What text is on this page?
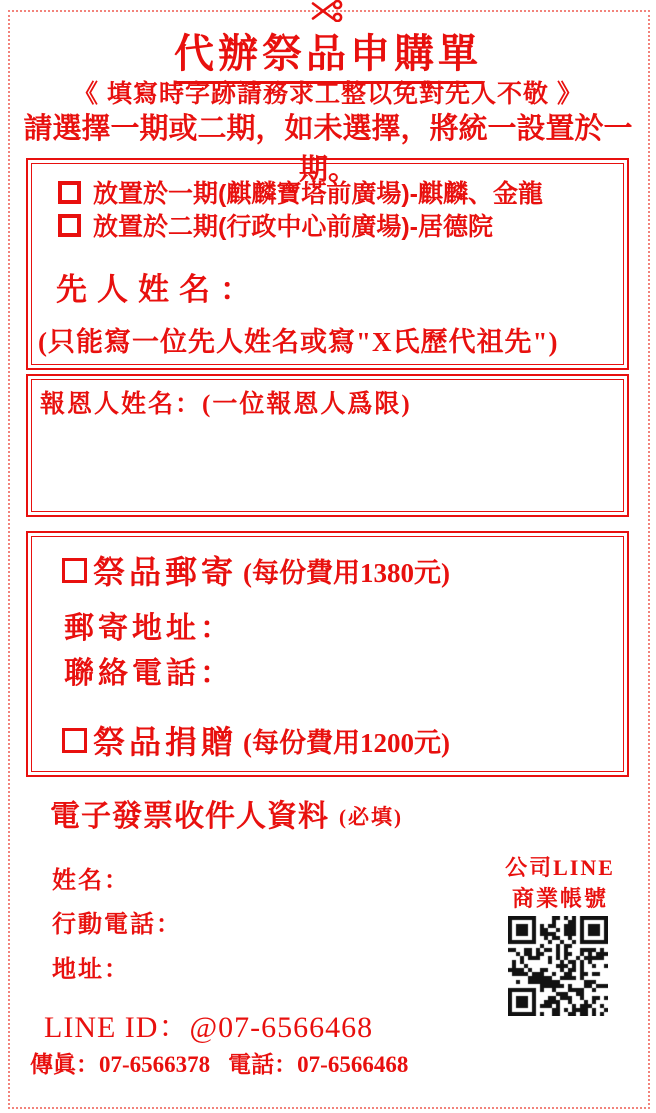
代辦祭品申購單
《 填寫時字跡請務求工整以免對先人不敬 》
請選擇一期或二期，如未選擇，將統一設置於一期。
放置於一期(麒麟寶塔前廣場)-麒麟、金龍
放置於二期(行政中心前廣場)-居德院
先人姓名：
(只能寫一位先人姓名或寫"X氏歷代祖先")
報恩人姓名：(一位報恩人爲限)
祭品郵寄 (每份費用1380元)
郵寄地址：
聯絡電話：
祭品捐贈 (每份費用1200元)
電子發票收件人資料 (必填)
姓名：
行動電話：
地址：
公司LINE
商業帳號
LINE ID：@07-6566468
傳眞：07-6566378 電話：07-6566468
